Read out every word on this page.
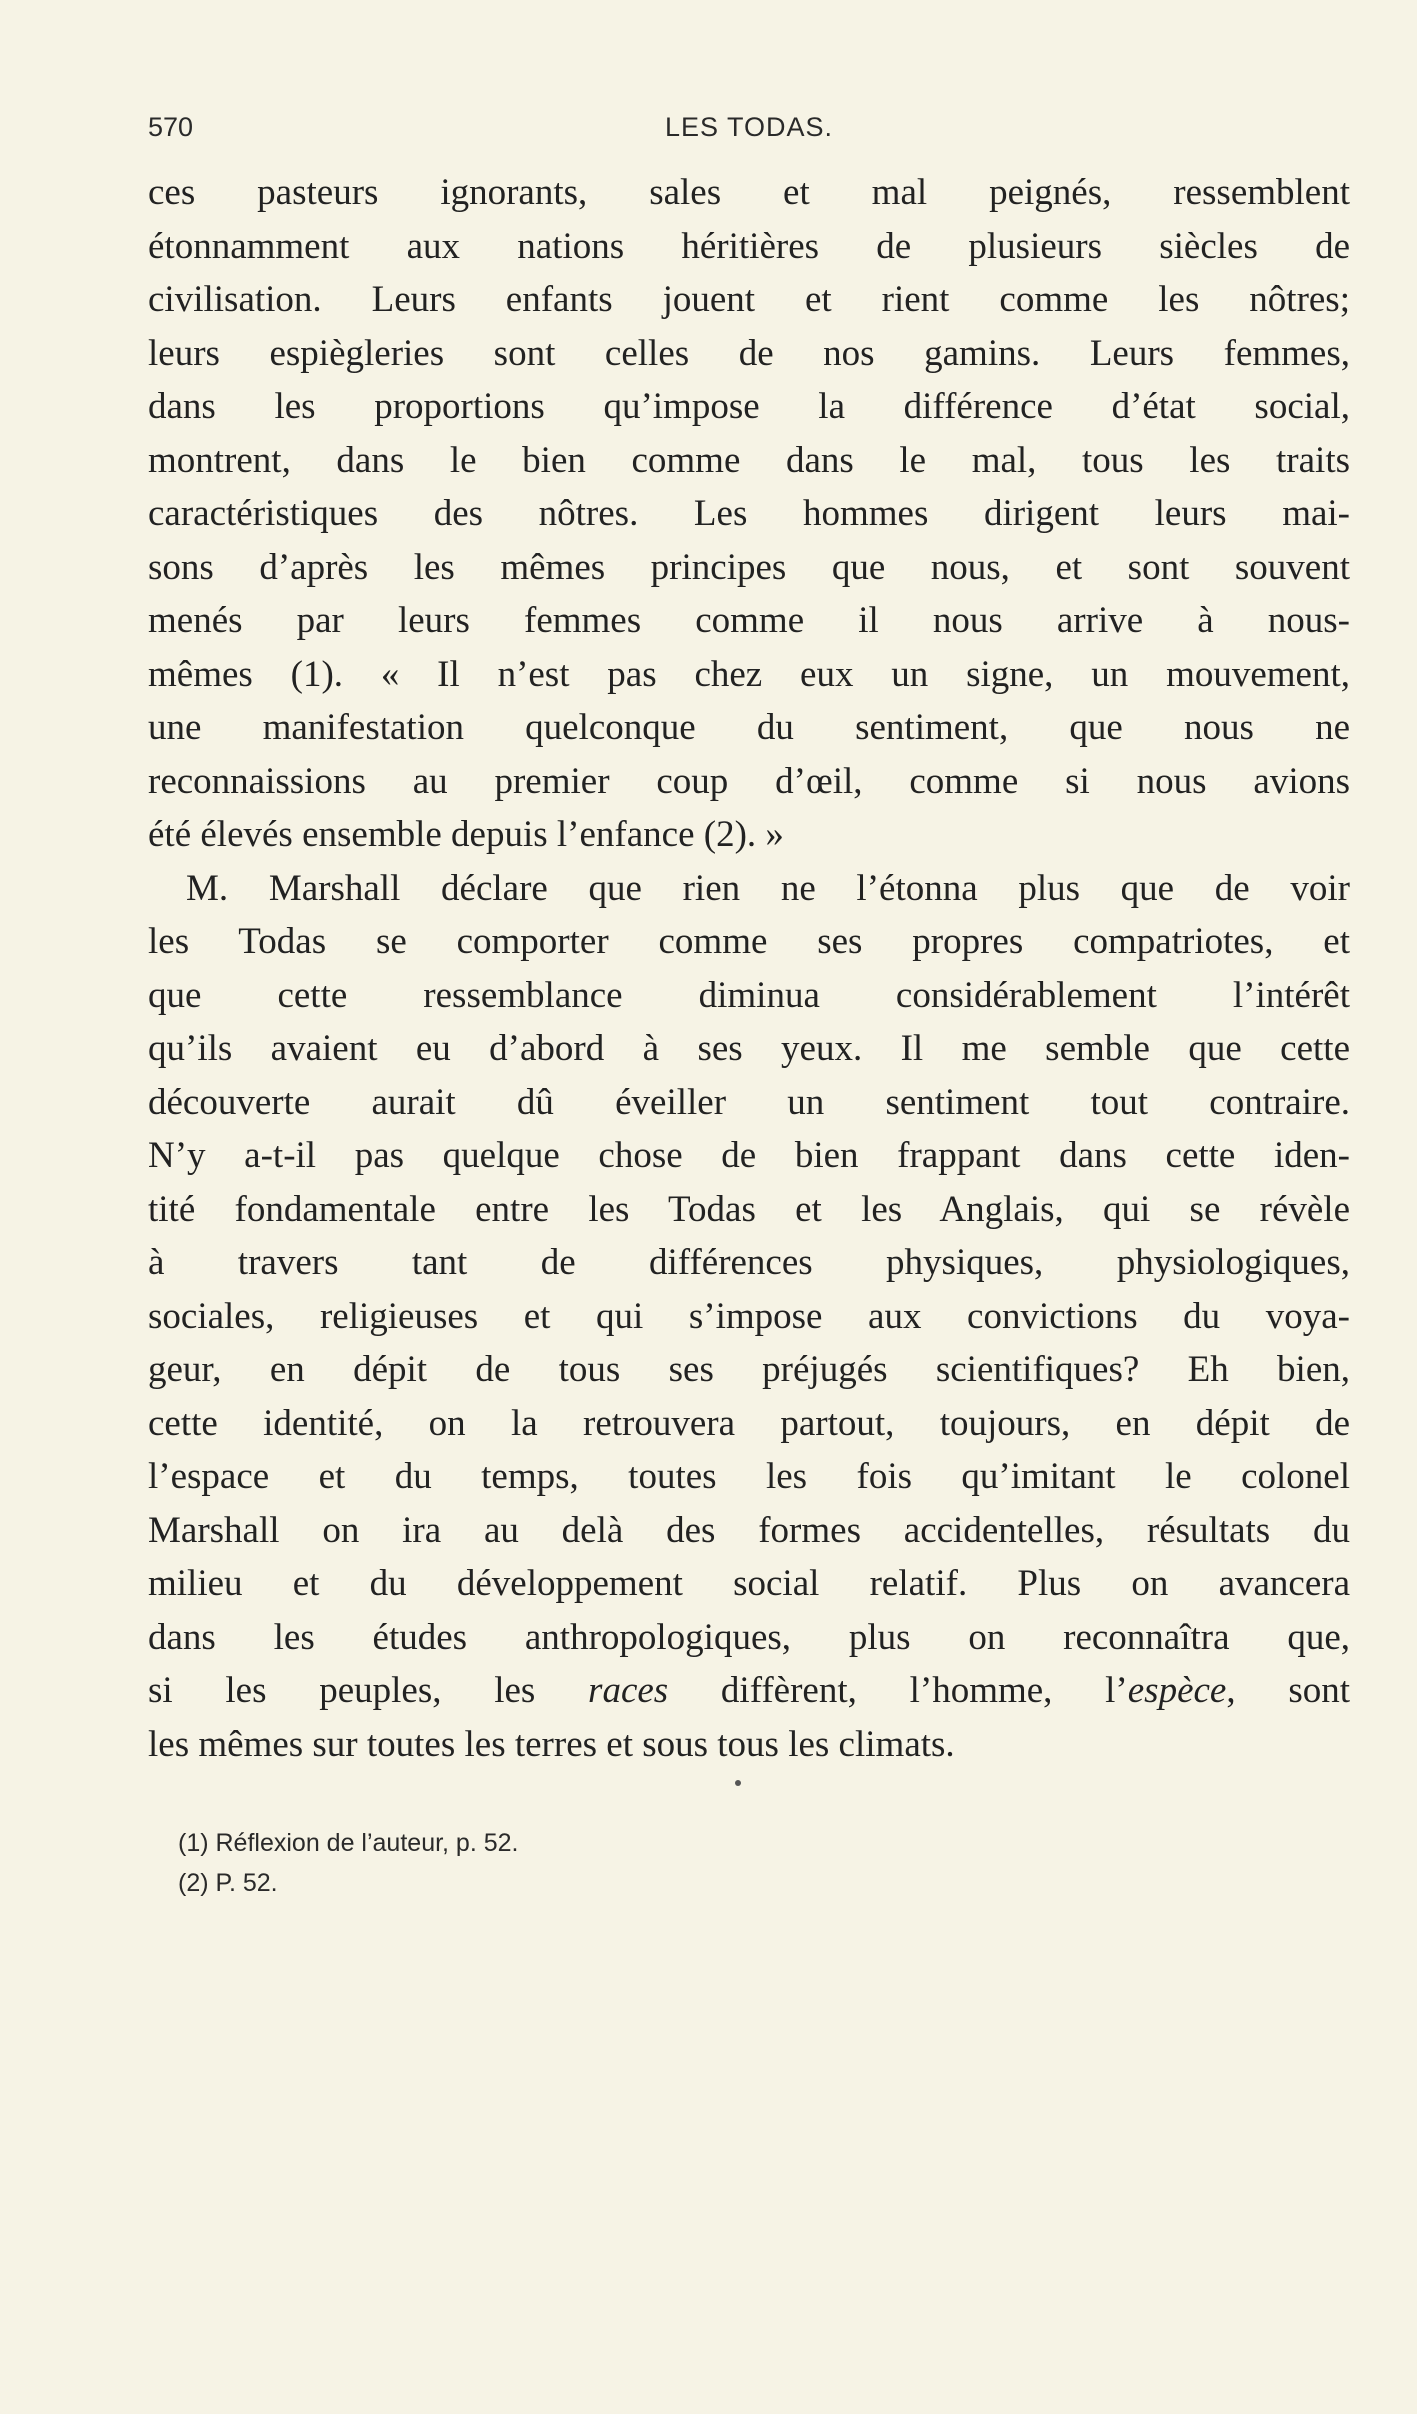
570	LES TODAS.
ces pasteurs ignorants, sales et mal peignés, ressemblent
étonnamment aux nations héritières de plusieurs siècles de
civilisation. Leurs enfants jouent et rient comme les nôtres;
leurs espiègleries sont celles de nos gamins. Leurs femmes,
dans les proportions qu’impose la différence d’état social,
montrent, dans le bien comme dans le mal, tous les traits
caractéristiques des nôtres. Les hommes dirigent leurs mai-
sons d’après les mêmes principes que nous, et sont souvent
menés par leurs femmes comme il nous arrive à nous-
mêmes (1). « Il n’est pas chez eux un signe, un mouvement,
une manifestation quelconque du sentiment, que nous ne
reconnaissions au premier coup d’œil, comme si nous avions
été élevés ensemble depuis l’enfance (2). »
M. Marshall déclare que rien ne l’étonna plus que de voir
les Todas se comporter comme ses propres compatriotes, et
que cette ressemblance diminua considérablement l’intérêt
qu’ils avaient eu d’abord à ses yeux. Il me semble que cette
découverte aurait dû éveiller un sentiment tout contraire.
N’y a-t-il pas quelque chose de bien frappant dans cette iden-
tité fondamentale entre les Todas et les Anglais, qui se révèle
à travers tant de différences physiques, physiologiques,
sociales, religieuses et qui s’impose aux convictions du voya-
geur, en dépit de tous ses préjugés scientifiques? Eh bien,
cette identité, on la retrouvera partout, toujours, en dépit de
l’espace et du temps, toutes les fois qu’imitant le colonel
Marshall on ira au delà des formes accidentelles, résultats du
milieu et du développement social relatif. Plus on avancera
dans les études anthropologiques, plus on reconnaîtra que,
si les peuples, les races diffèrent, l’homme, l’espèce, sont
les mêmes sur toutes les terres et sous tous les climats.
(1) Réflexion de l’auteur, p. 52.
(2) P. 52.
